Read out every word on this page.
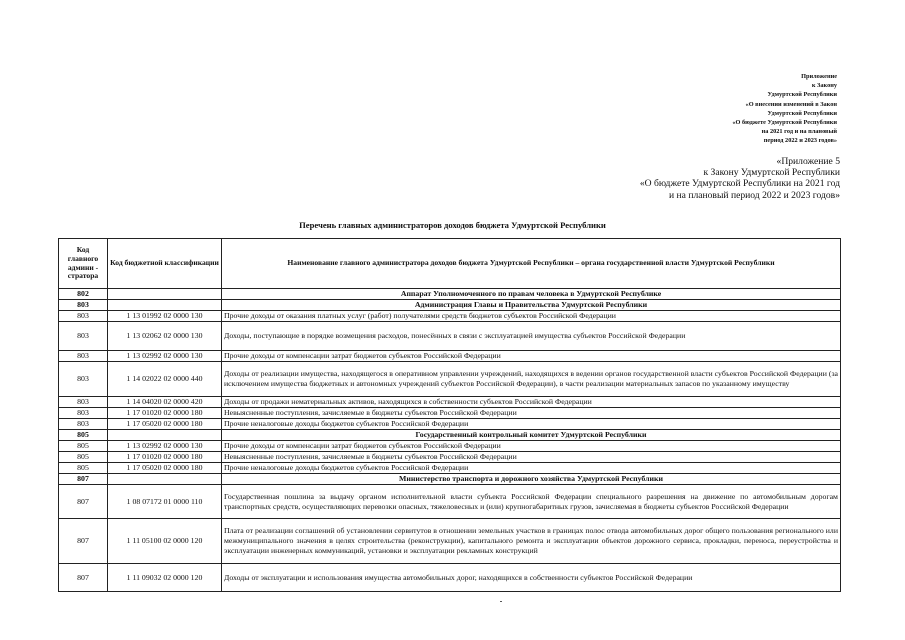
Приложение
к Закону
Удмуртской Республики
«О внесении изменений в Закон
Удмуртской Республики
«О бюджете Удмуртской Республики
на 2021 год и на плановый
период 2022 и 2023 годов»
«Приложение 5
к Закону Удмуртской Республики
«О бюджете Удмуртской Республики на 2021 год
и на плановый период 2022 и 2023 годов»
Перечень главных администраторов доходов бюджета Удмуртской Республики
Код главного админи - стратора	Код бюджетной классификации	Наименование главного администратора доходов бюджета Удмуртской Республики – органа государственной власти Удмуртской Республики
802		Аппарат Уполномоченного по правам человека в Удмуртской Республике
803		Администрация Главы и Правительства Удмуртской Республики
803	1 13 01992 02 0000 130	Прочие доходы от оказания платных услуг (работ) получателями средств бюджетов субъектов Российской Федерации
803	1 13 02062 02 0000 130	Доходы, поступающие в порядке возмещения расходов, понесённых в связи с эксплуатацией имущества субъектов Российской Федерации
803	1 13 02992 02 0000 130	Прочие доходы от компенсации затрат бюджетов субъектов Российской Федерации
803	1 14 02022 02 0000 440	Доходы от реализации имущества, находящегося в оперативном управлении учреждений, находящихся в ведении органов государственной власти субъектов Российской Федерации (за исключением имущества бюджетных и автономных учреждений субъектов Российской Федерации), в части реализации материальных запасов по указанному имуществу
803	1 14 04020 02 0000 420	Доходы от продажи нематериальных активов, находящихся в собственности субъектов Российской Федерации
803	1 17 01020 02 0000 180	Невыясненные поступления, зачисляемые в бюджеты субъектов Российской Федерации
803	1 17 05020 02 0000 180	Прочие неналоговые доходы бюджетов субъектов Российской Федерации
805		Государственный контрольный комитет Удмуртской Республики
805	1 13 02992 02 0000 130	Прочие доходы от компенсации затрат бюджетов субъектов Российской Федерации
805	1 17 01020 02 0000 180	Невыясненные поступления, зачисляемые в бюджеты субъектов Российской Федерации
805	1 17 05020 02 0000 180	Прочие неналоговые доходы бюджетов субъектов Российской Федерации
807		Министерство транспорта и дорожного хозяйства Удмуртской Республики
807	1 08 07172 01 0000 110	Государственная пошлина за выдачу органом исполнительной власти субъекта Российской Федерации специального разрешения на движение по автомобильным дорогам транспортных средств, осуществляющих перевозки опасных, тяжеловесных и (или) крупногабаритных грузов, зачисляемая в бюджеты субъектов Российской Федерации
807	1 11 05100 02 0000 120	Плата от реализации соглашений об установлении сервитутов в отношении земельных участков в границах полос отвода автомобильных дорог общего пользования регионального или межмуниципального значения в целях строительства (реконструкции), капитального ремонта и эксплуатации объектов дорожного сервиса, прокладки, переноса, переустройства и эксплуатации инженерных коммуникаций, установки и эксплуатации рекламных конструкций
807	1 11 09032 02 0000 120	Доходы от эксплуатации и использования имущества автомобильных дорог, находящихся в собственности субъектов Российской Федерации
